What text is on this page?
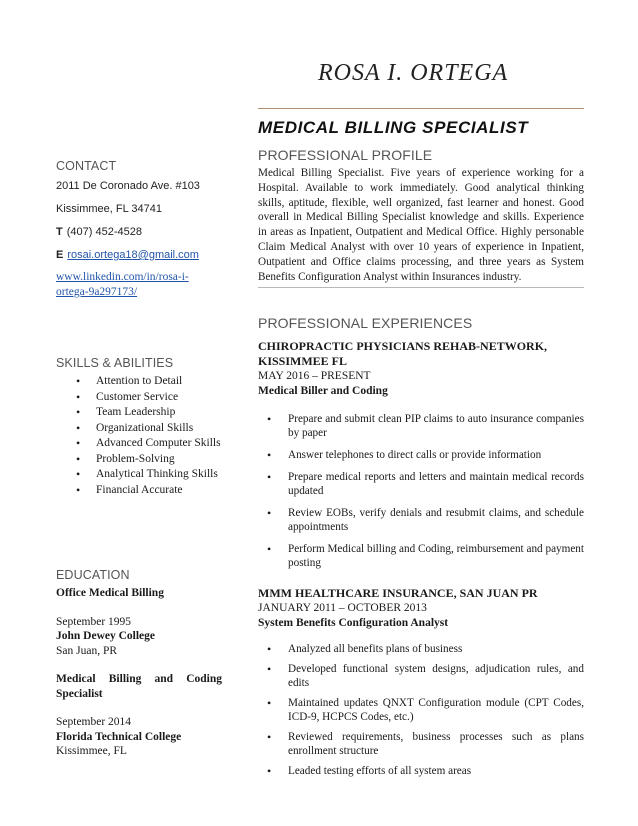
ROSA I. ORTEGA
MEDICAL BILLING SPECIALIST
CONTACT
2011 De Coronado Ave. #103
Kissimmee, FL 34741
T (407) 452-4528
E rosai.ortega18@gmail.com
www.linkedin.com/in/rosa-i-
ortega-9a297173/
SKILLS & ABILITIES
• Attention to Detail
• Customer Service
• Team Leadership
• Organizational Skills
• Advanced Computer Skills
• Problem-Solving
• Analytical Thinking Skills
• Financial Accurate
EDUCATION
Office Medical Billing
September 1995
John Dewey College
San Juan, PR
Medical Billing and Coding
Specialist
September 2014
Florida Technical College
Kissimmee, FL
PROFESSIONAL PROFILE
Medical Billing Specialist. Five years of experience working for a Hospital. Available to work immediately. Good analytical thinking skills, aptitude, flexible, well organized, fast learner and honest. Good overall in Medical Billing Specialist knowledge and skills. Experience in areas as Inpatient, Outpatient and Medical Office. Highly personable Claim Medical Analyst with over 10 years of experience in Inpatient, Outpatient and Office claims processing, and three years as System Benefits Configuration Analyst within Insurances industry.
PROFESSIONAL EXPERIENCES
CHIROPRACTIC PHYSICIANS REHAB-NETWORK,
KISSIMMEE FL
MAY 2016 – PRESENT
Medical Biller and Coding
• Prepare and submit clean PIP claims to auto insurance companies by paper
• Answer telephones to direct calls or provide information
• Prepare medical reports and letters and maintain medical records updated
• Review EOBs, verify denials and resubmit claims, and schedule appointments
• Perform Medical billing and Coding, reimbursement and payment posting
MMM HEALTHCARE INSURANCE, SAN JUAN PR
JANUARY 2011 – OCTOBER 2013
System Benefits Configuration Analyst
• Analyzed all benefits plans of business
• Developed functional system designs, adjudication rules, and edits
• Maintained updates QNXT Configuration module (CPT Codes, ICD-9, HCPCS Codes, etc.)
• Reviewed requirements, business processes such as plans enrollment structure
• Leaded testing efforts of all system areas
